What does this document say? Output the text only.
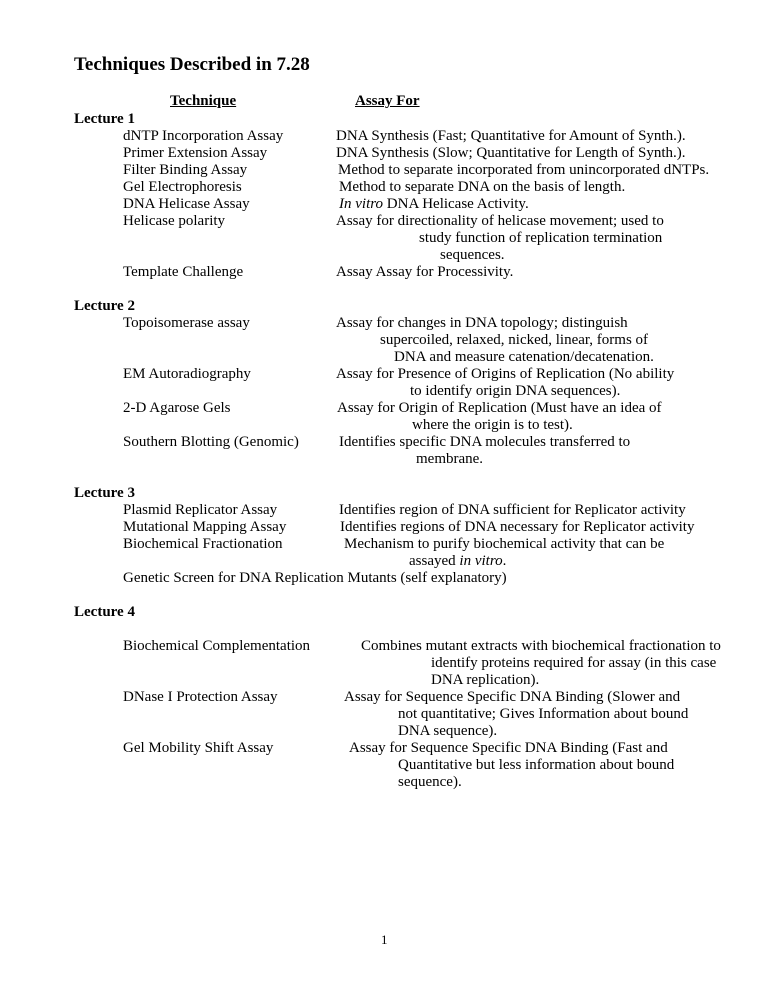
Techniques Described in 7.28
Technique	Assay For
Lecture 1
dNTP Incorporation Assay	DNA Synthesis (Fast; Quantitative for Amount of Synth.).
Primer Extension Assay	DNA Synthesis (Slow; Quantitative for Length of Synth.).
Filter Binding Assay	Method to separate incorporated from unincorporated dNTPs.
Gel Electrophoresis	Method to separate DNA on the basis of length.
DNA Helicase Assay	In vitro DNA Helicase Activity.
Helicase polarity	Assay for directionality of helicase movement; used to
study function of replication termination
sequences.
Template Challenge	Assay Assay for Processivity.
Lecture 2
Topoisomerase assay	Assay for changes in DNA topology; distinguish
supercoiled, relaxed, nicked, linear, forms of
DNA and measure catenation/decatenation.
EM Autoradiography	Assay for Presence of Origins of Replication (No ability
to identify origin DNA sequences).
2-D Agarose Gels	Assay for Origin of Replication (Must have an idea of
where the origin is to test).
Southern Blotting (Genomic)	Identifies specific DNA molecules transferred to
membrane.
Lecture 3
Plasmid Replicator Assay	Identifies region of DNA sufficient for Replicator activity
Mutational Mapping Assay	Identifies regions of DNA necessary for Replicator activity
Biochemical Fractionation	Mechanism to purify biochemical activity that can be
assayed in vitro.
Genetic Screen for DNA Replication Mutants (self explanatory)
Lecture 4
Biochemical Complementation	Combines mutant extracts with biochemical fractionation to
identify proteins required for assay (in this case
DNA replication).
DNase I Protection Assay	Assay for Sequence Specific DNA Binding (Slower and
not quantitative; Gives Information about bound
DNA sequence).
Gel Mobility Shift Assay	Assay for Sequence Specific DNA Binding (Fast and
Quantitative but less information about bound
sequence).
1
